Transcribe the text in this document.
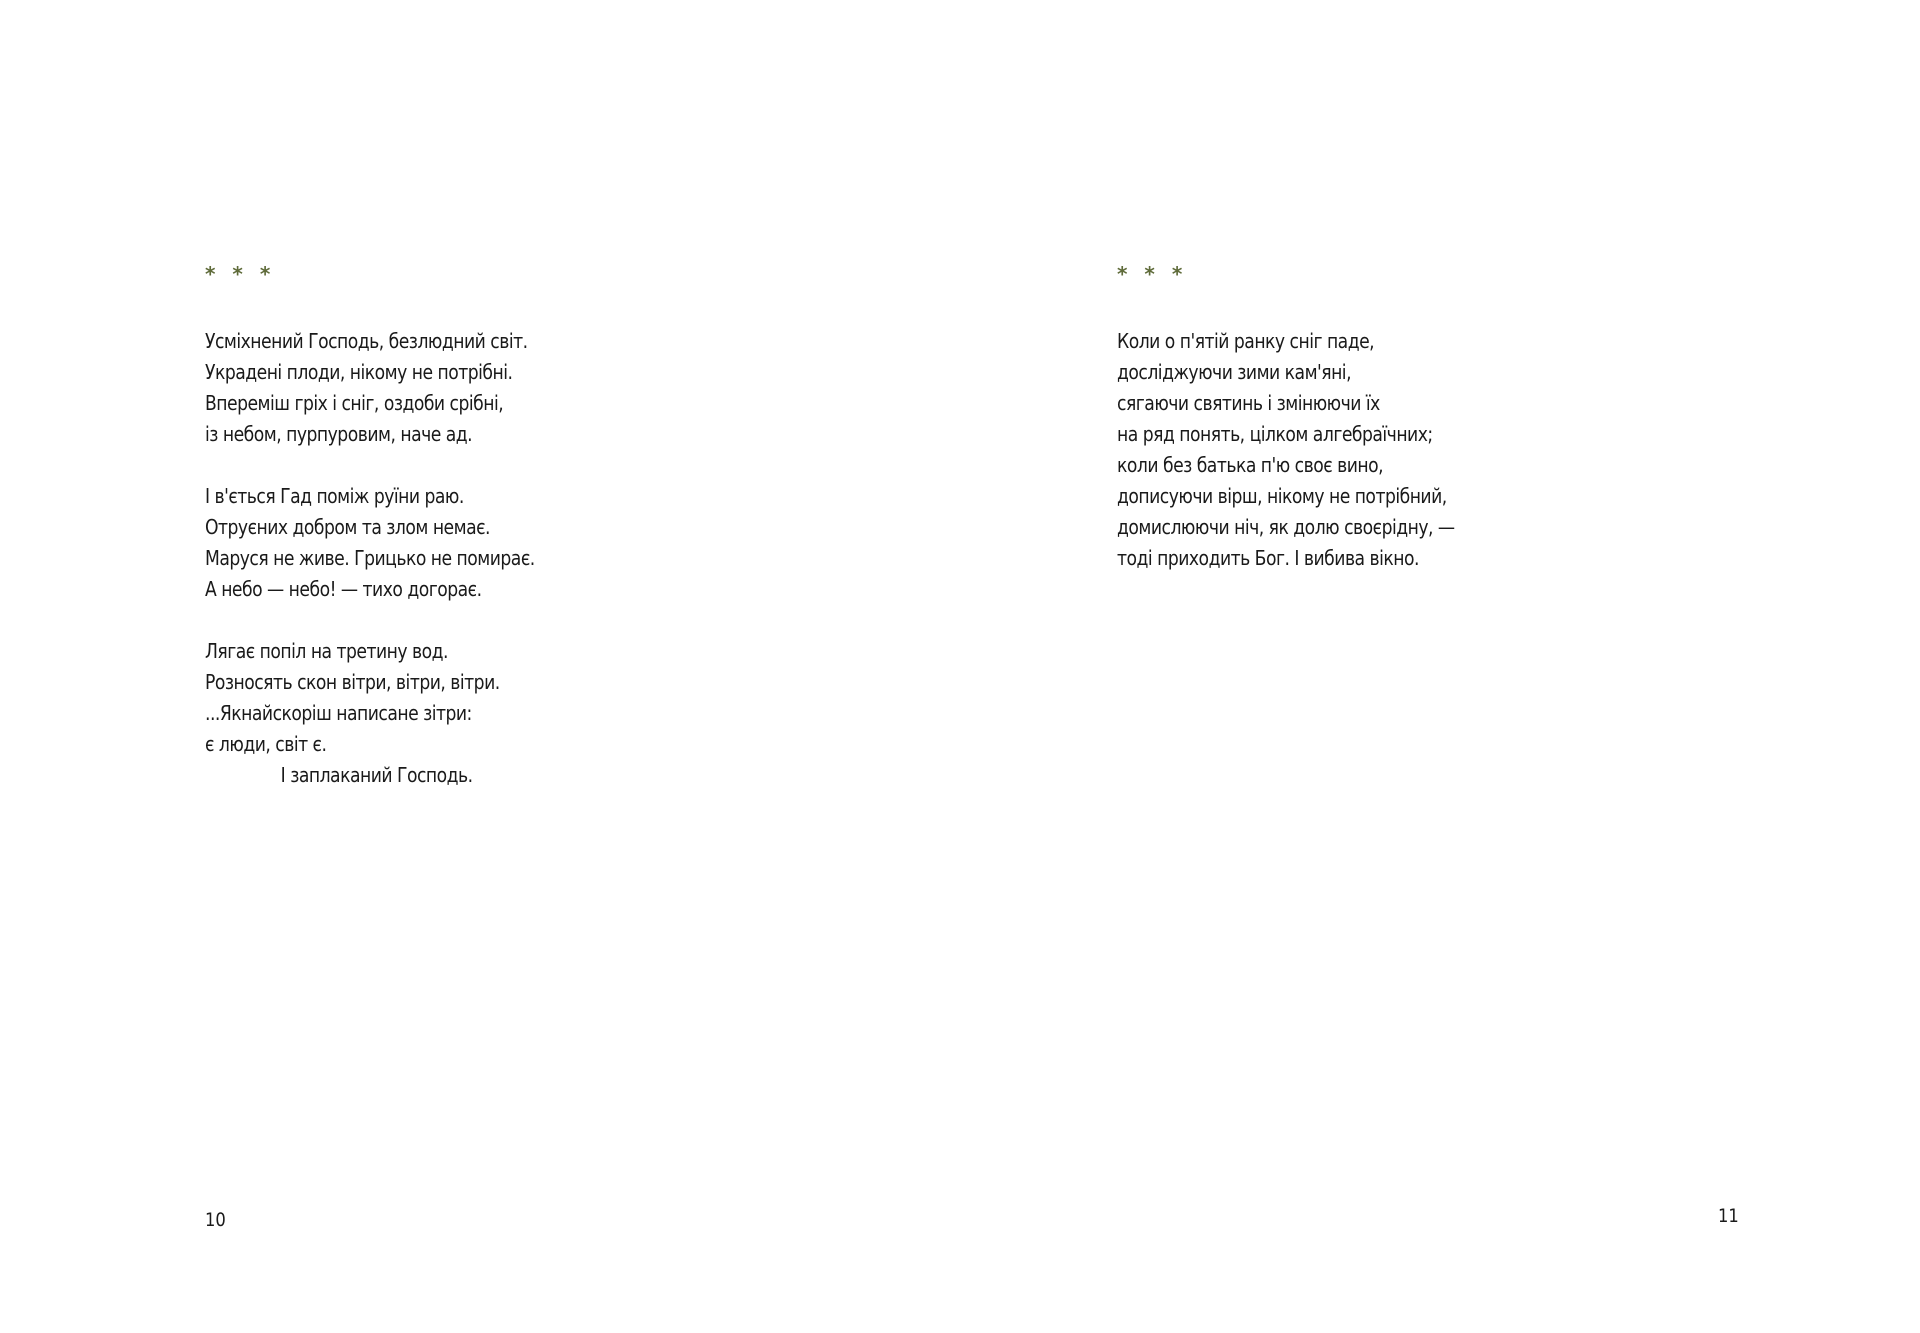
* * *
Усміхнений Господь, безлюдний світ.
Украдені плоди, нікому не потрібні.
Впереміш гріх і сніг, оздоби срібні,
із небом, пурпуровим, наче ад.
І в'ється Гад поміж руїни раю.
Отруєних добром та злом немає.
Маруся не живе. Грицько не помирає.
А небо — небо! — тихо догорає.
Лягає попіл на третину вод.
Розносять скон вітри, вітри, вітри.
...Якнайскоріш написане зітри:
є люди, світ є.
І заплаканий Господь.
10
* * *
Коли о п'ятій ранку сніг паде,
досліджуючи зими кам'яні,
сягаючи святинь і змінюючи їх
на ряд понять, цілком алгебраїчних;
коли без батька п'ю своє вино,
дописуючи вірш, нікому не потрібний,
домислюючи ніч, як долю своєрідну, —
тоді приходить Бог. І вибива вікно.
11
